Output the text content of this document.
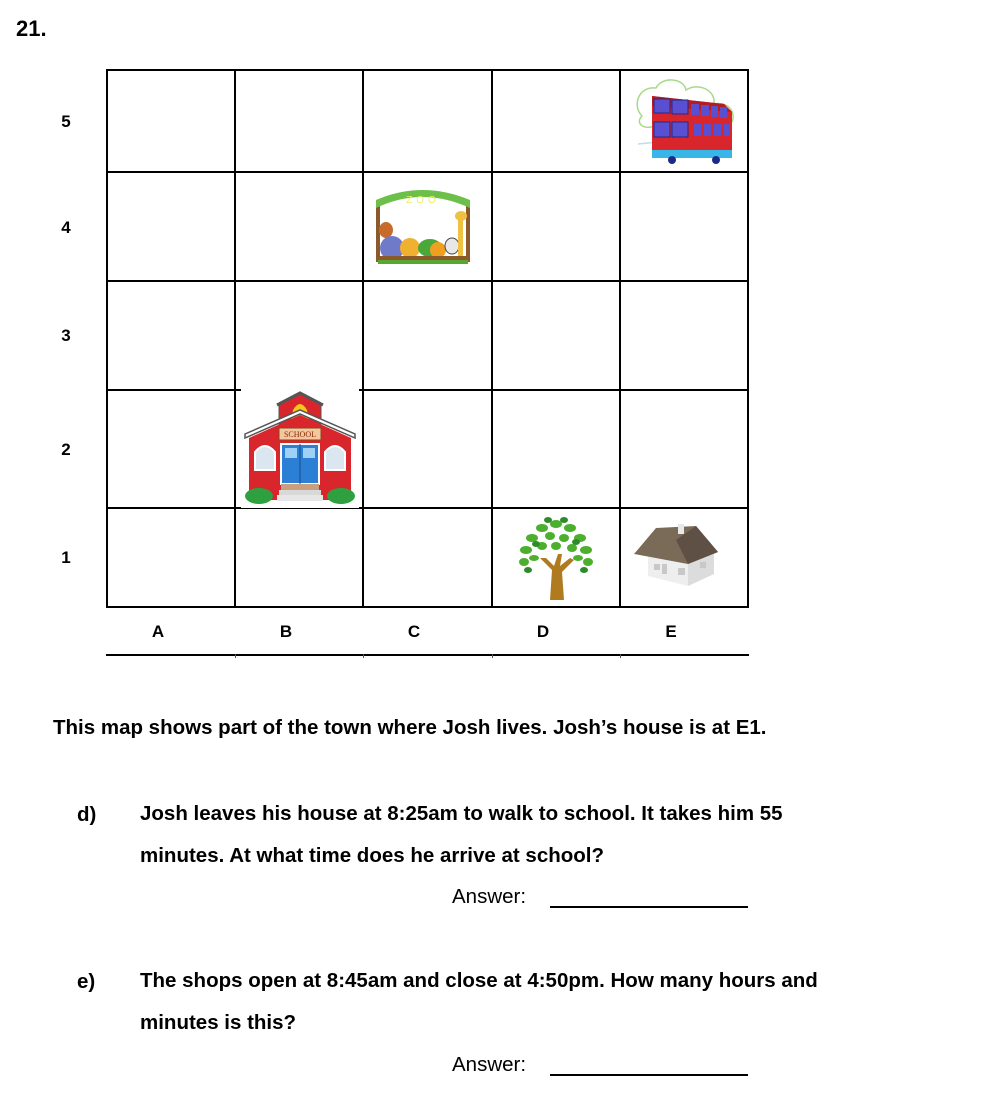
21.
5
4
3
2
1

ZOO
SCHOOL
A	B	C	D	E
This map shows part of the town where Josh lives. Josh’s house is at E1.
d) Josh leaves his house at 8:25am to walk to school. It takes him 55 minutes. At what time does he arrive at school?
Answer:
e) The shops open at 8:45am and close at 4:50pm. How many hours and minutes is this?
Answer:
